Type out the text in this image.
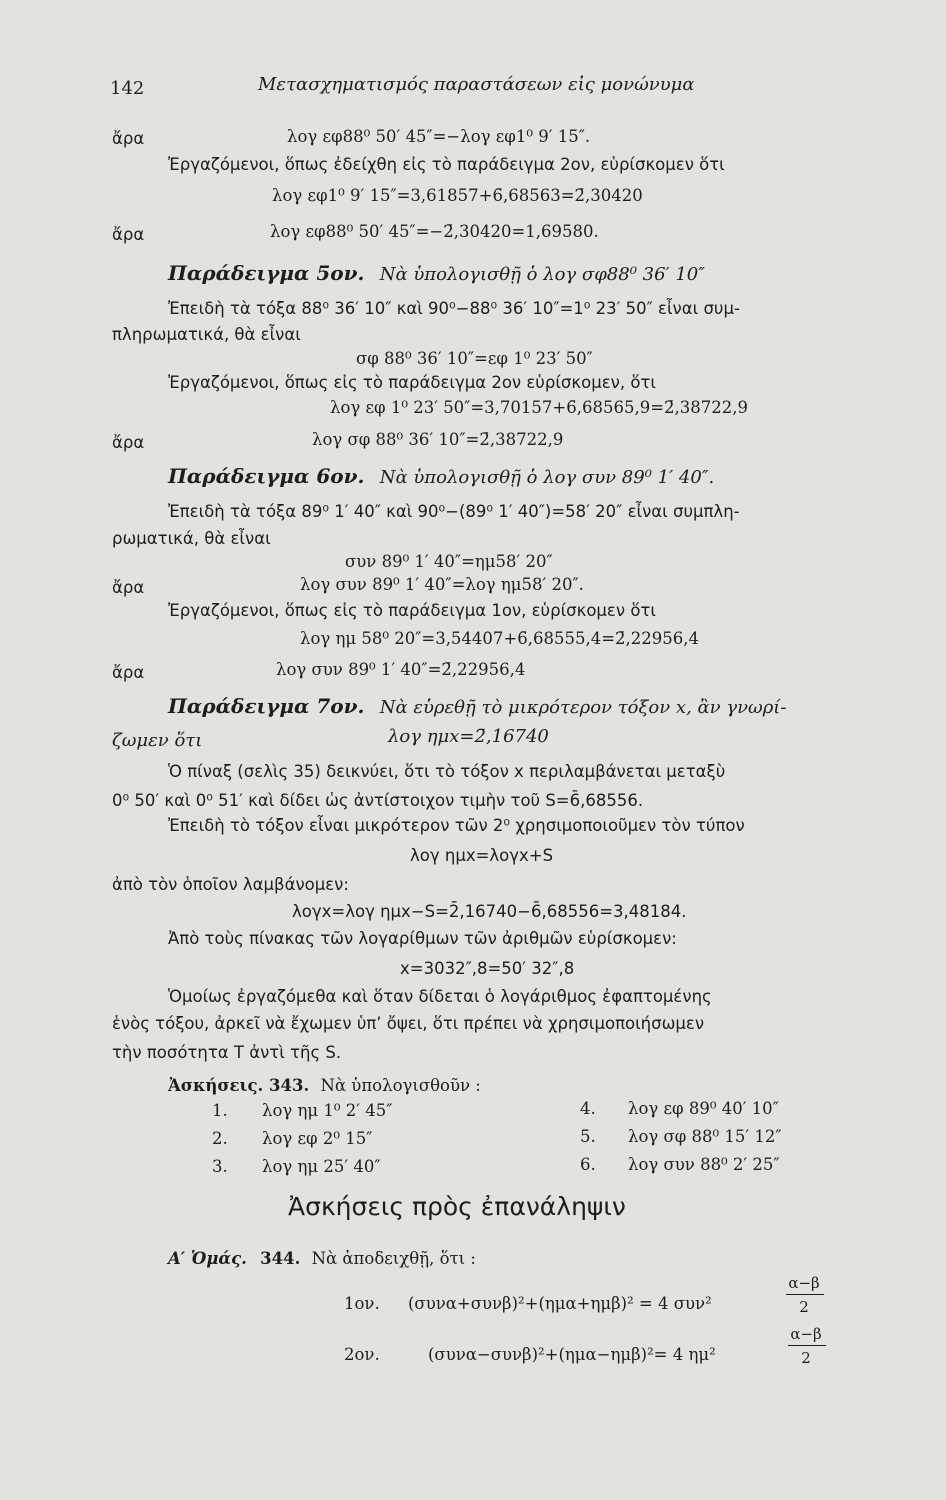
142	Μετασχηματισμός παραστάσεων εἰς μονώνυμα
ἄρα	λογ εφ88⁰ 50′ 45″=−λογ εφ1⁰ 9′ 15″.
Ἐργαζόμενοι, ὅπως ἐδείχθη εἰς τὸ παράδειγμα 2ον, εὑρίσκομεν ὅτι
λογ εφ1⁰ 9′ 15″=3,61857+6̄,68563=2̄,30420
ἄρα	λογ εφ88⁰ 50′ 45″=−2̄,30420=1,69580.
Παράδειγμα 5ον. Νὰ ὑπολογισθῇ ὁ λογ σφ88⁰ 36′ 10″
Ἐπειδὴ τὰ τόξα 88⁰ 36′ 10″ καὶ 90⁰−88⁰ 36′ 10″=1⁰ 23′ 50″ εἶναι συμ-
πληρωματικά, θὰ εἶναι
σφ 88⁰ 36′ 10″=εφ 1⁰ 23′ 50″
Ἐργαζόμενοι, ὅπως εἰς τὸ παράδειγμα 2ον εὑρίσκομεν, ὅτι
λογ εφ 1⁰ 23′ 50″=3,70157+6̄,68565,9=2̄,38722,9
ἄρα	λογ σφ 88⁰ 36′ 10″=2̄,38722,9
Παράδειγμα 6ον. Νὰ ὑπολογισθῇ ὁ λογ συν 89⁰ 1′ 40″.
Ἐπειδὴ τὰ τόξα 89⁰ 1′ 40″ καὶ 90⁰−(89⁰ 1′ 40″)=58′ 20″ εἶναι συμπλη-
ρωματικά, θὰ εἶναι
συν 89⁰ 1′ 40″=ημ58′ 20″
ἄρα	λογ συν 89⁰ 1′ 40″=λογ ημ58′ 20″.
Ἐργαζόμενοι, ὅπως εἰς τὸ παράδειγμα 1ον, εὑρίσκομεν ὅτι
λογ ημ 58⁰ 20″=3,54407+6̄,68555,4=2̄,22956,4
ἄρα	λογ συν 89⁰ 1′ 40″=2̄,22956,4
Παράδειγμα 7ον. Νὰ εὑρεθῇ τὸ μικρότερον τόξον x, ἂν γνωρί-
ζωμεν ὅτι	λογ ημx=2̄,16740
Ὁ πίναξ (σελὶς 35) δεικνύει, ὅτι τὸ τόξον x περιλαμβάνεται μεταξὺ
0⁰ 50′ καὶ 0⁰ 51′ καὶ δίδει ὡς ἀντίστοιχον τιμὴν τοῦ S=6̄,68556.
Ἐπειδὴ τὸ τόξον εἶναι μικρότερον τῶν 2⁰ χρησιμοποιοῦμεν τὸν τύπον
λογ ημx=λογx+S
ἀπὸ τὸν ὁποῖον λαμβάνομεν:
λογx=λογ ημx−S=2̄,16740−6̄,68556=3,48184.
Ἀπὸ τοὺς πίνακας τῶν λογαρίθμων τῶν ἀριθμῶν εὑρίσκομεν:
x=3032″,8=50′ 32″,8
Ὁμοίως ἐργαζόμεθα καὶ ὅταν δίδεται ὁ λογάριθμος ἐφαπτομένης
ἑνὸς τόξου, ἀρκεῖ νὰ ἔχωμεν ὑπ’ ὄψει, ὅτι πρέπει νὰ χρησιμοποιήσωμεν
τὴν ποσότητα T ἀντὶ τῆς S.
Ἀσκήσεις. 343. Νὰ ὑπολογισθοῦν :
1. λογ ημ 1⁰ 2′ 45″
2. λογ εφ 2⁰ 15″
3. λογ ημ 25′ 40″
4. λογ εφ 89⁰ 40′ 10″
5. λογ σφ 88⁰ 15′ 12″
6. λογ συν 88⁰ 2′ 25″
Ἀσκήσεις πρὸς ἐπανάληψιν
Α′ Ὁμάς. 344. Νὰ ἀποδειχθῇ, ὅτι :
1ον. (συνα+συνβ)²+(ημα+ημβ)² = 4 συν²
α−β
2
2ον.	(συνα−συνβ)²+(ημα−ημβ)²= 4 ημ²
α−β
2
